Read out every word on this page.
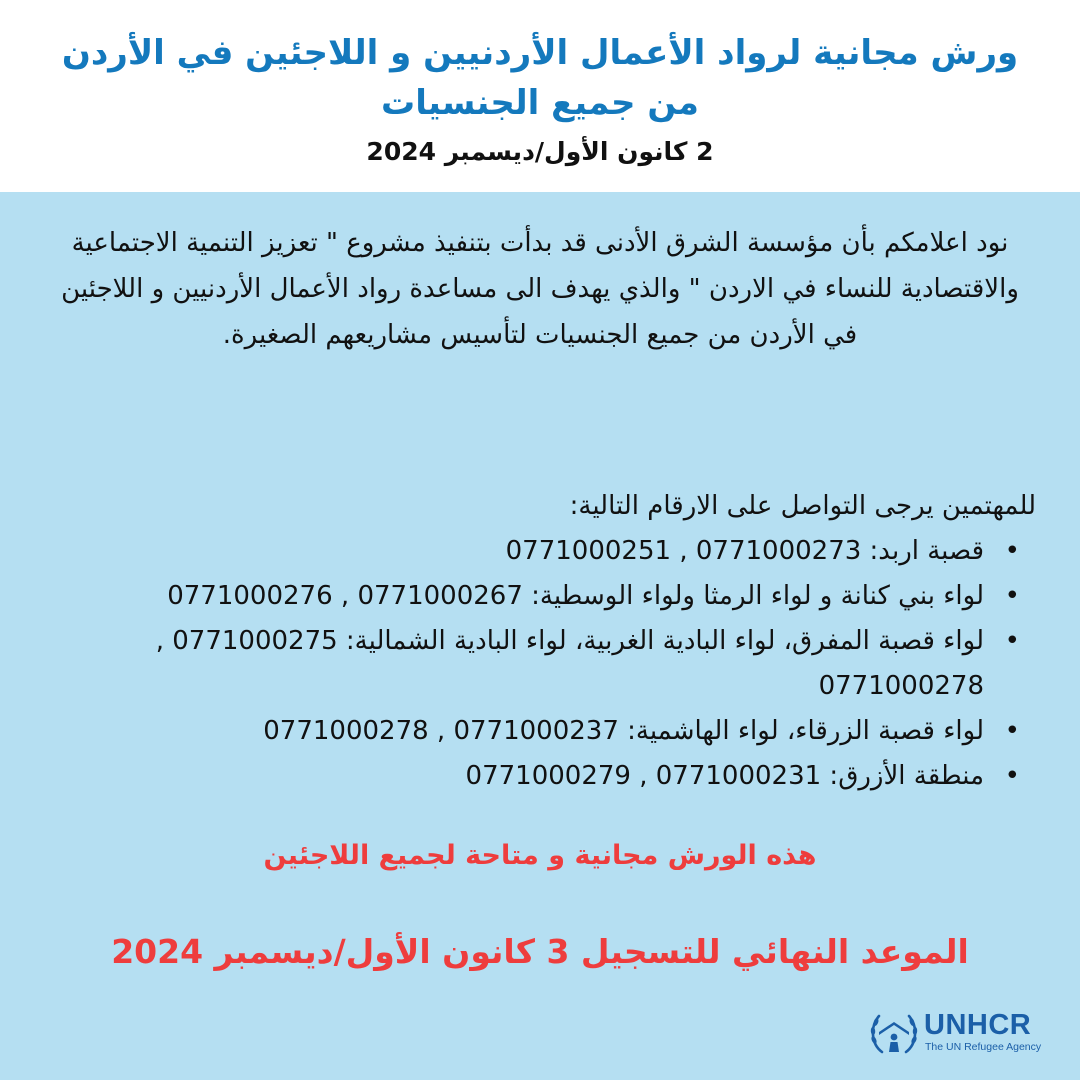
ورش مجانية لرواد الأعمال الأردنيين و اللاجئين في الأردن من جميع الجنسيات
2 كانون الأول/ديسمبر 2024

نود اعلامكم بأن مؤسسة الشرق الأدنى قد بدأت بتنفيذ مشروع " تعزيز التنمية الاجتماعية والاقتصادية للنساء في الاردن " والذي يهدف الى مساعدة رواد الأعمال الأردنيين و اللاجئين في الأردن من جميع الجنسيات لتأسيس مشاريعهم الصغيرة.

للمهتمين يرجى التواصل على الارقام التالية:

• قصبة اربد: 0771000273 , 0771000251
• لواء بني كنانة و لواء الرمثا ولواء الوسطية: 0771000267 , 0771000276
• لواء قصبة المفرق، لواء البادية الغربية، لواء البادية الشمالية: 0771000275 , 0771000278
• لواء قصبة الزرقاء، لواء الهاشمية: 0771000237 , 0771000278
• منطقة الأزرق: 0771000231 , 0771000279
هذه الورش مجانية و متاحة لجميع اللاجئين
الموعد النهائي للتسجيل 3 كانون الأول/ديسمبر 2024
UNHCR
The UN Refugee Agency
